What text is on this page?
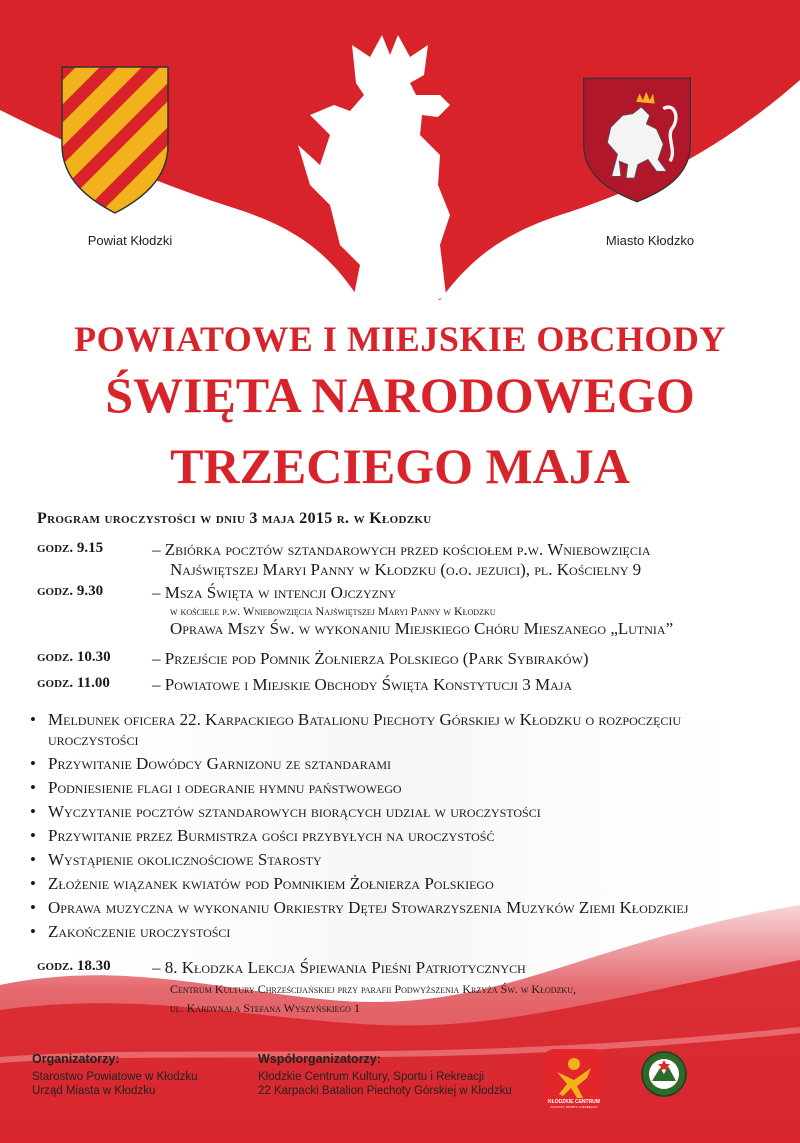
Powiat Kłodzki	Miasto Kłodzko
POWIATOWE I MIEJSKIE OBCHODY
ŚWIĘTA NARODOWEGO
TRZECIEGO MAJA
Program uroczystości w dniu 3 maja 2015 r. w Kłodzku
godz. 9.15	– Zbiórka pocztów sztandarowych przed kościołem p.w. Wniebowzięcia
Najświętszej Maryi Panny w Kłodzku (o.o. jezuici), pl. Kościelny 9
godz. 9.30	– Msza Święta w intencji Ojczyzny
w kościele p.w. Wniebowzięcia Najświętszej Maryi Panny w Kłodzku
Oprawa Mszy Św. w wykonaniu Miejskiego Chóru Mieszanego „Lutnia”
godz. 10.30 – Przejście pod Pomnik Żołnierza Polskiego (Park Sybiraków)
godz. 11.00 – Powiatowe i Miejskie Obchody Święta Konstytucji 3 Maja
• Meldunek oficera 22. Karpackiego Batalionu Piechoty Górskiej w Kłodzku o rozpoczęciu uroczystości
• Przywitanie Dowódcy Garnizonu ze sztandarami
• Podniesienie flagi i odegranie hymnu państwowego
• Wyczytanie pocztów sztandarowych biorących udział w uroczystości
• Przywitanie przez Burmistrza gości przybyłych na uroczystość
• Wystąpienie okolicznościowe Starosty
• Złożenie wiązanek kwiatów pod Pomnikiem Żołnierza Polskiego
• Oprawa muzyczna w wykonaniu Orkiestry Dętej Stowarzyszenia Muzyków Ziemi Kłodzkiej
• Zakończenie uroczystości
godz. 18.30 – 8. Kłodzka Lekcja Śpiewania Pieśni Patriotycznych
Centrum Kultury Chrześcijańskiej przy parafii Podwyższenia Krzyża Św. w Kłodzku,
ul. Kardynała Stefana Wyszyńskiego 1
Organizatorzy:
Starostwo Powiatowe w Kłodzku
Urząd Miasta w Kłodzku
Współorganizatorzy:
Kłodzkie Centrum Kultury, Sportu i Rekreacji
22 Karpacki Batalion Piechoty Górskiej w Kłodzku
KŁODZKIE CENTRUM
KULTURY, SPORTU I REKREACJI
